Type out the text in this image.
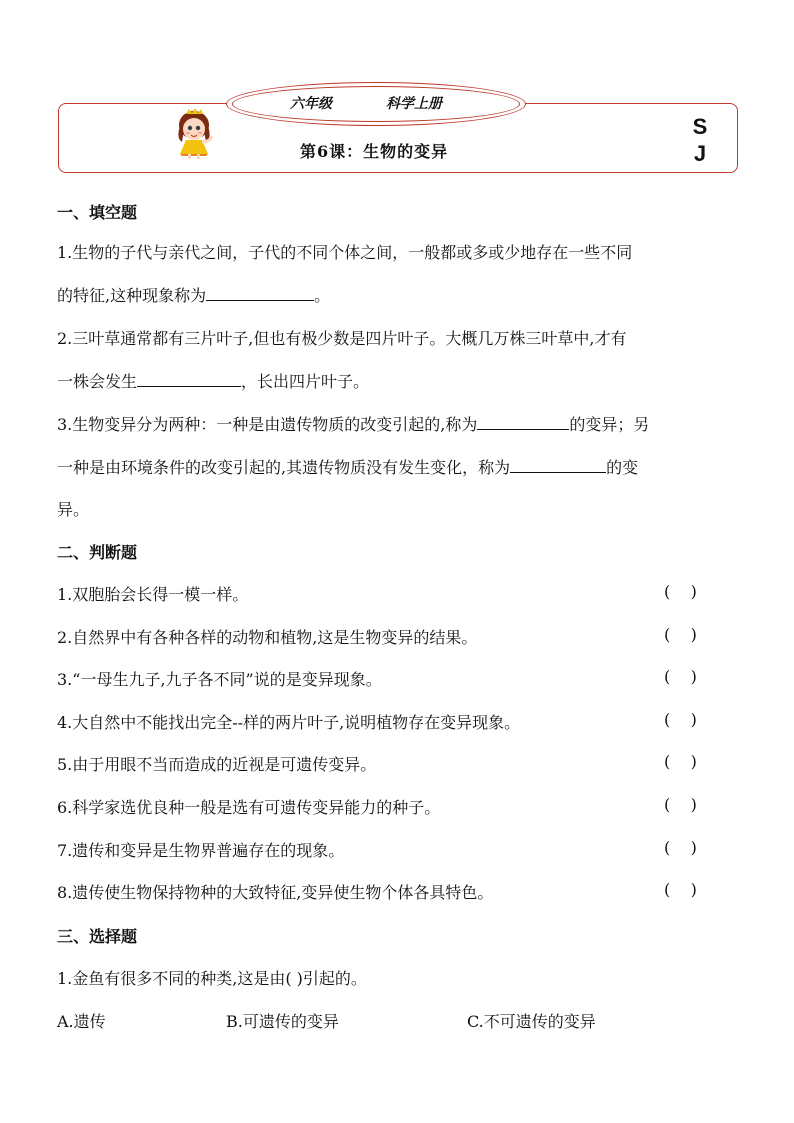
六年级	科学上册
第6课：生物的变异
S
J
一、填空题
1.生物的子代与亲代之间，子代的不同个体之间，一般都或多或少地存在一些不同
的特征,这种现象称为	。
2.三叶草通常都有三片叶子,但也有极少数是四片叶子。大概几万株三叶草中,才有
一株会发生	，长出四片叶子。
3.生物变异分为两种：一种是由遗传物质的改变引起的,称为	的变异；另
一种是由环境条件的改变引起的,其遗传物质没有发生变化，称为	的变
异。
二、判断题
1.双胞胎会长得一模一样。	(    )
2.自然界中有各种各样的动物和植物,这是生物变异的结果。	(    )
3.“一母生九子,九子各不同”说的是变异现象。	(    )
4.大自然中不能找出完全--样的两片叶子,说明植物存在变异现象。	(    )
5.由于用眼不当而造成的近视是可遗传变异。	(    )
6.科学家选优良种一般是选有可遗传变异能力的种子。	(    )
7.遗传和变异是生物界普遍存在的现象。	(    )
8.遗传使生物保持物种的大致特征,变异使生物个体各具特色。	(    )
三、选择题
1.金鱼有很多不同的种类,这是由( )引起的。
A.遗传	B.可遗传的变异	C.不可遗传的变异
